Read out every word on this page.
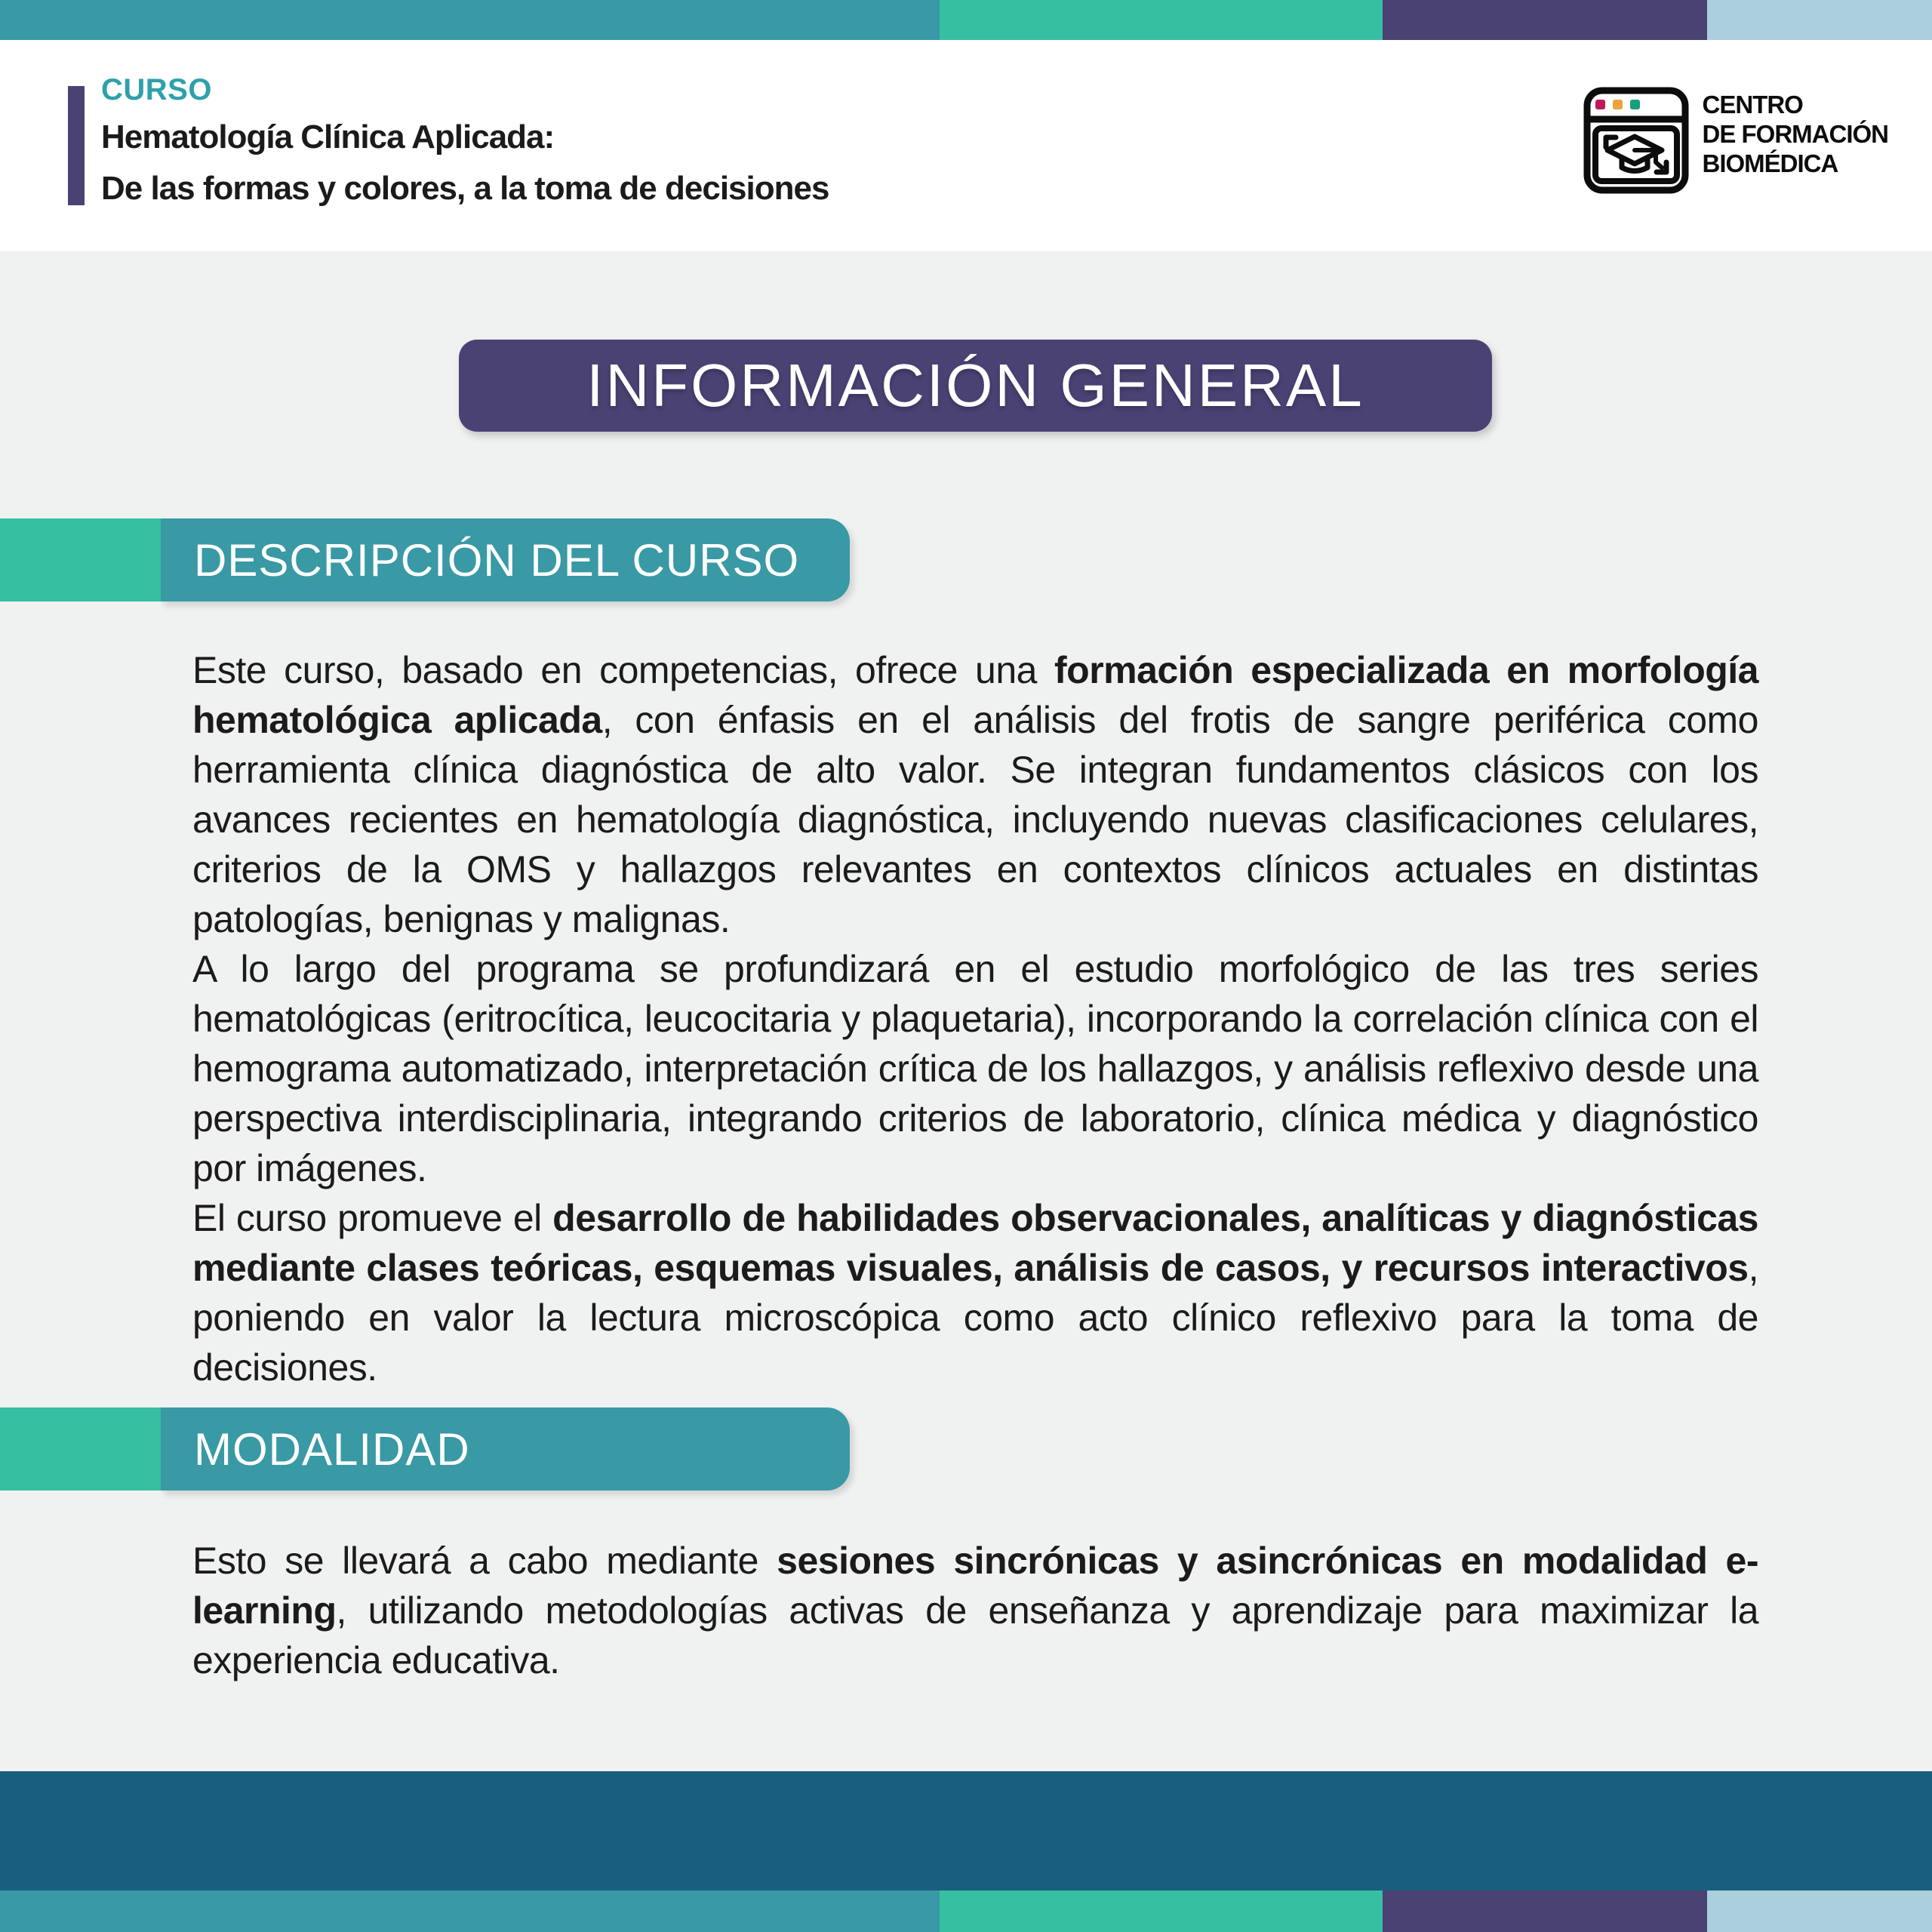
CURSO
Hematología Clínica Aplicada:
De las formas y colores, a la toma de decisiones
CENTRO
DE FORMACIÓN
BIOMÉDICA
INFORMACIÓN GENERAL
DESCRIPCIÓN DEL CURSO

Este curso, basado en competencias, ofrece una formación especializada en morfología hematológica aplicada, con énfasis en el análisis del frotis de sangre periférica como herramienta clínica diagnóstica de alto valor. Se integran fundamentos clásicos con los avances recientes en hematología diagnóstica, incluyendo nuevas clasificaciones celulares, criterios de la OMS y hallazgos relevantes en contextos clínicos actuales en distintas patologías, benignas y malignas.

A lo largo del programa se profundizará en el estudio morfológico de las tres series hematológicas (eritrocítica, leucocitaria y plaquetaria), incorporando la correlación clínica con el hemograma automatizado, interpretación crítica de los hallazgos, y análisis reflexivo desde una perspectiva interdisciplinaria, integrando criterios de laboratorio, clínica médica y diagnóstico por imágenes.

El curso promueve el desarrollo de habilidades observacionales, analíticas y diagnósticas mediante clases teóricas, esquemas visuales, análisis de casos, y recursos interactivos, poniendo en valor la lectura microscópica como acto clínico reflexivo para la toma de decisiones.

MODALIDAD

Esto se llevará a cabo mediante sesiones sincrónicas y asincrónicas en modalidad e-learning, utilizando metodologías activas de enseñanza y aprendizaje para maximizar la experiencia educativa.
